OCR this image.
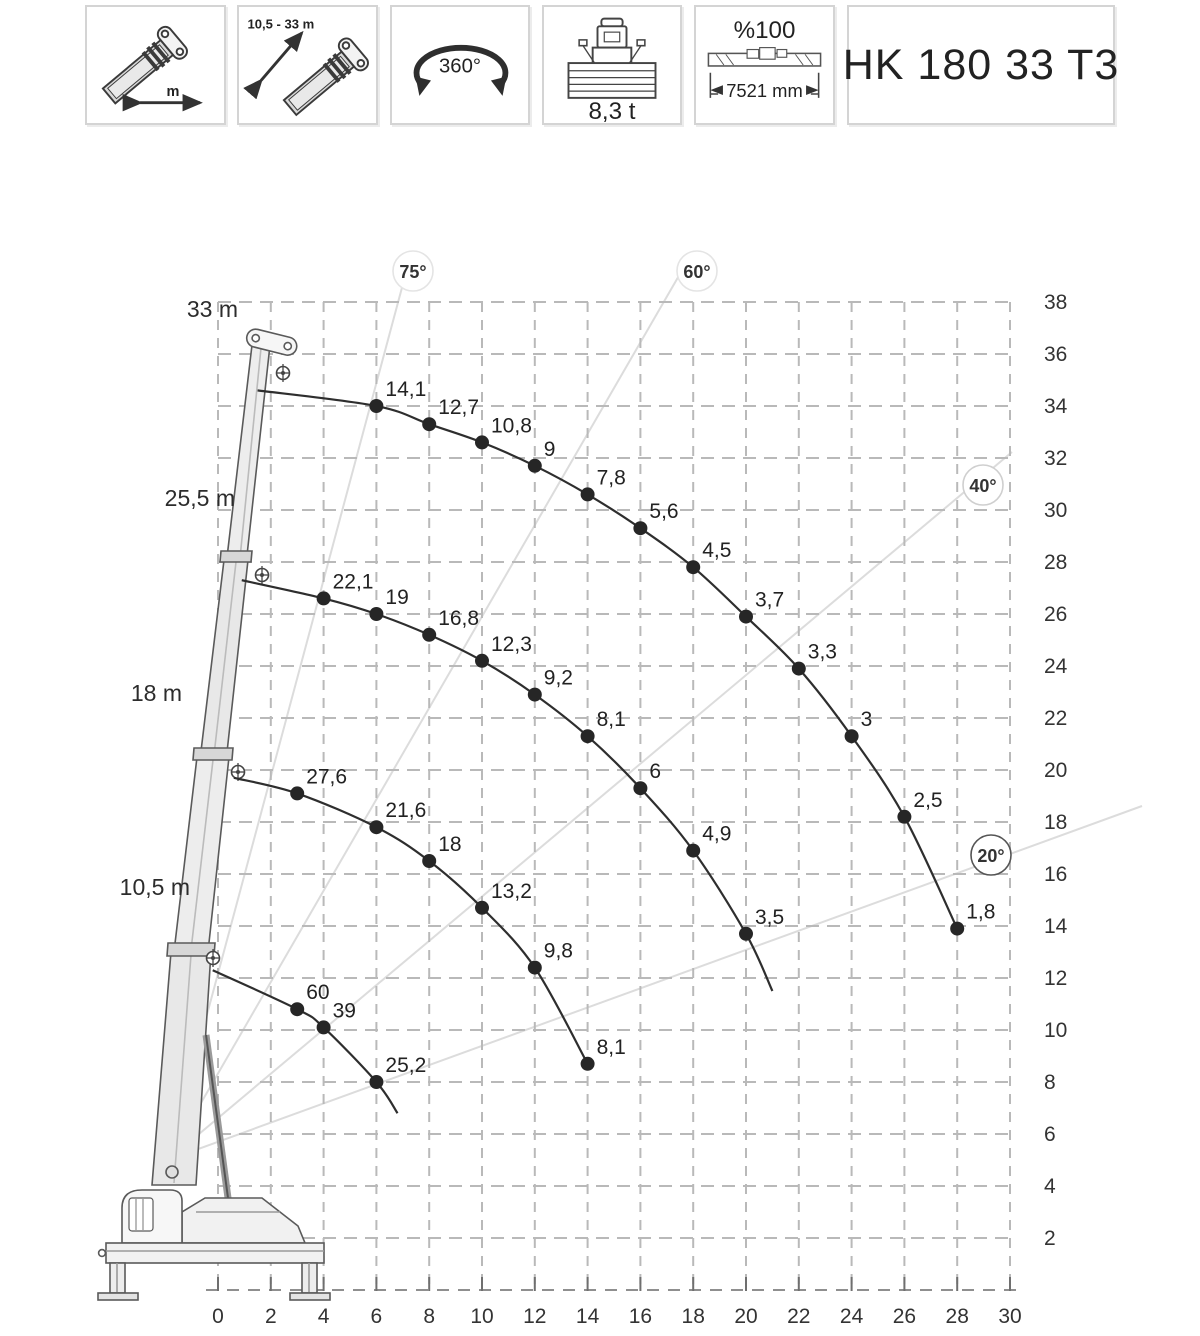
m
10,5 - 33 m
360°
8,3 t
%100
7521 mm
HK 180 33 T3
14,1
12,7
10,8
9
7,8
5,6
4,5
3,7
3,3
3
2,5
1,8
22,1
19
16,8
12,3
9,2
8,1
6
4,9
3,5
27,6
21,6
18
13,2
9,8
8,1
60
39
25,2
0 2 4 6 8 10 12 14 16 18 20 22 24 26 28 30
2
4
6
8
10
12
14
16
18
20
22
24
26
28
30
32
34
36
38
75°	60°
40°
20°
33 m
25,5 m
18 m
10,5 m
